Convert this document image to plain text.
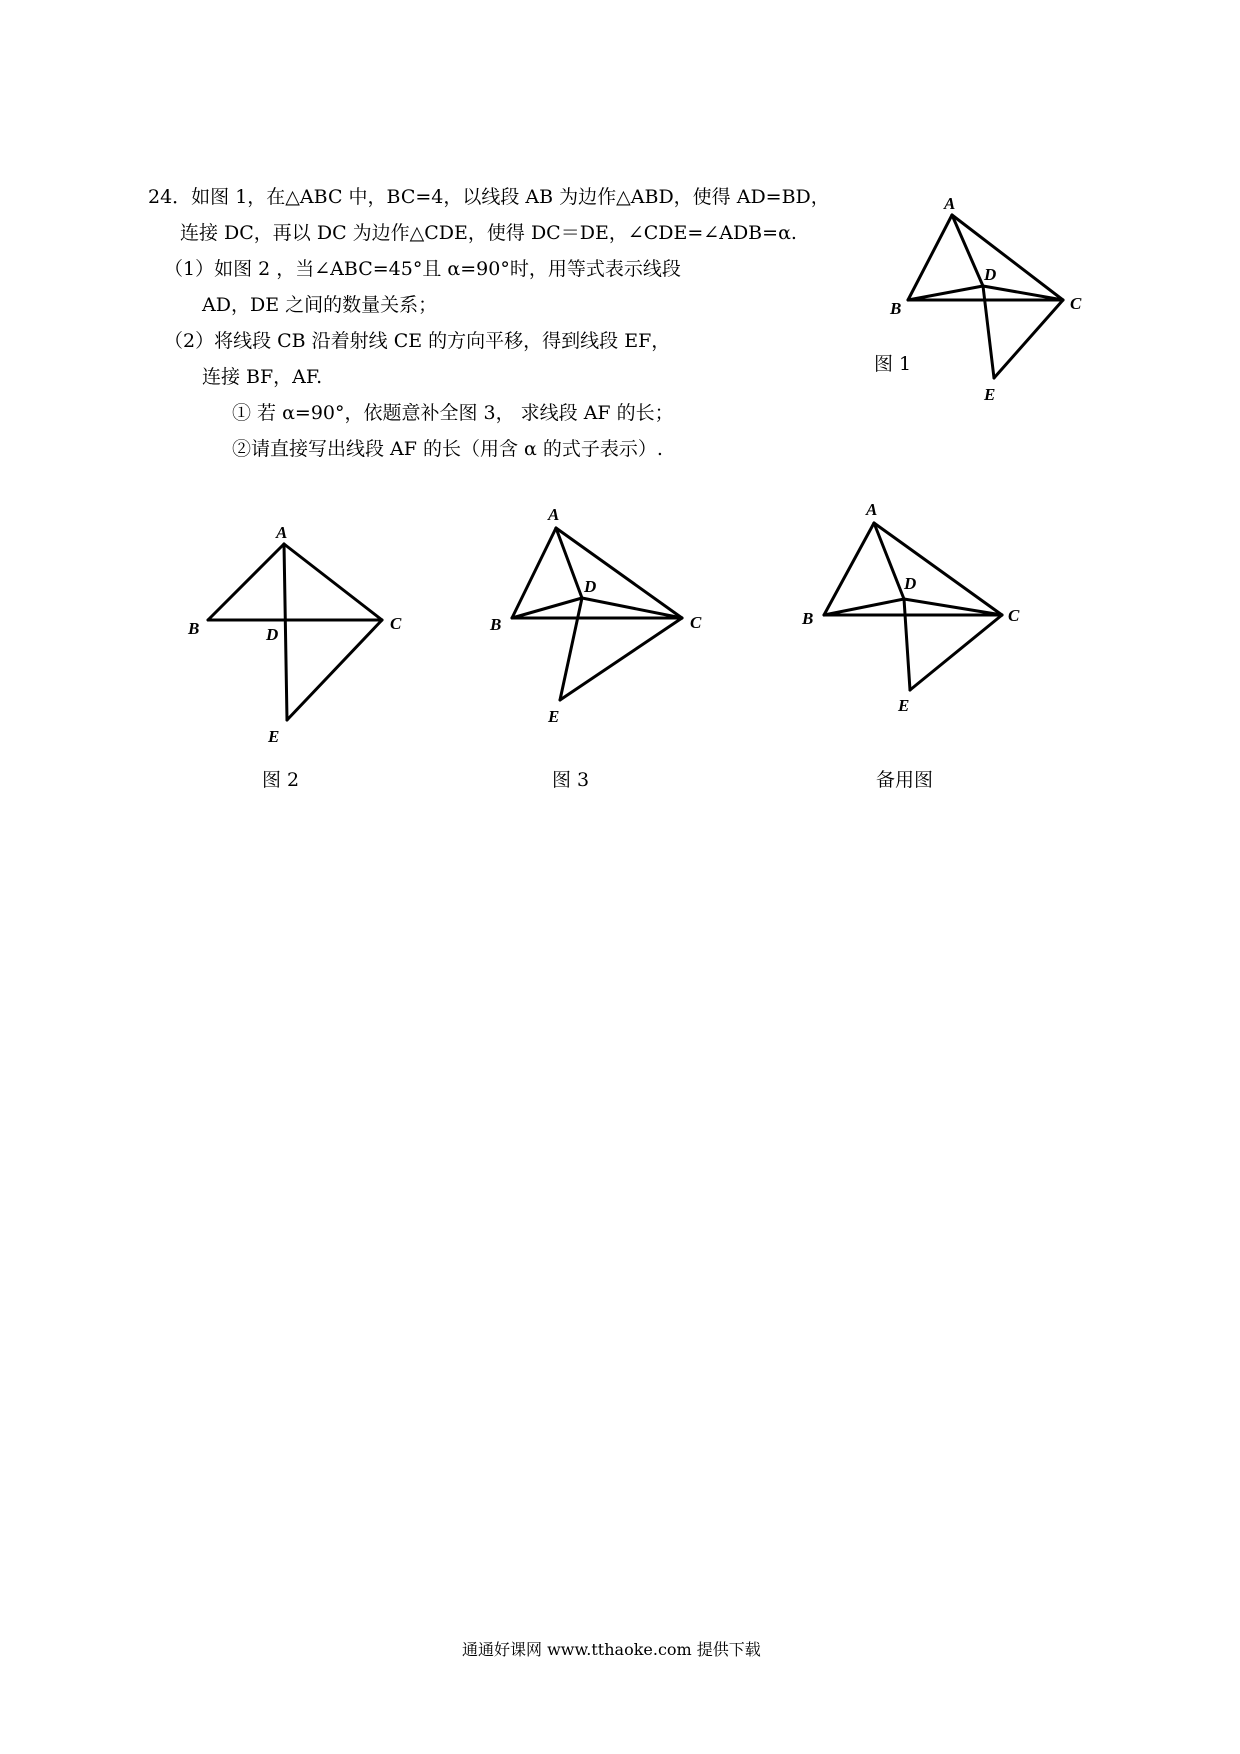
24．如图 1，在△ABC 中，BC=4，以线段 AB 为边作△ABD，使得 AD=BD，
连接 DC，再以 DC 为边作△CDE，使得 DC＝DE，∠CDE=∠ADB=α.
（1）如图 2 ，当∠ABC=45°且 α=90°时，用等式表示线段
AD，DE 之间的数量关系；
（2）将线段 CB 沿着射线 CE 的方向平移，得到线段 EF，
连接 BF，AF.
① 若 α=90°，依题意补全图 3， 求线段 AF 的长；
②请直接写出线段 AF 的长（用含 α 的式子表示）.
A
B	C
D
E
图 1
A
B	C
D
E
图 2
A
B	C
D
E
图 3
A
B	C
D
E
备用图
通通好课网 www.tthaoke.com 提供下载
